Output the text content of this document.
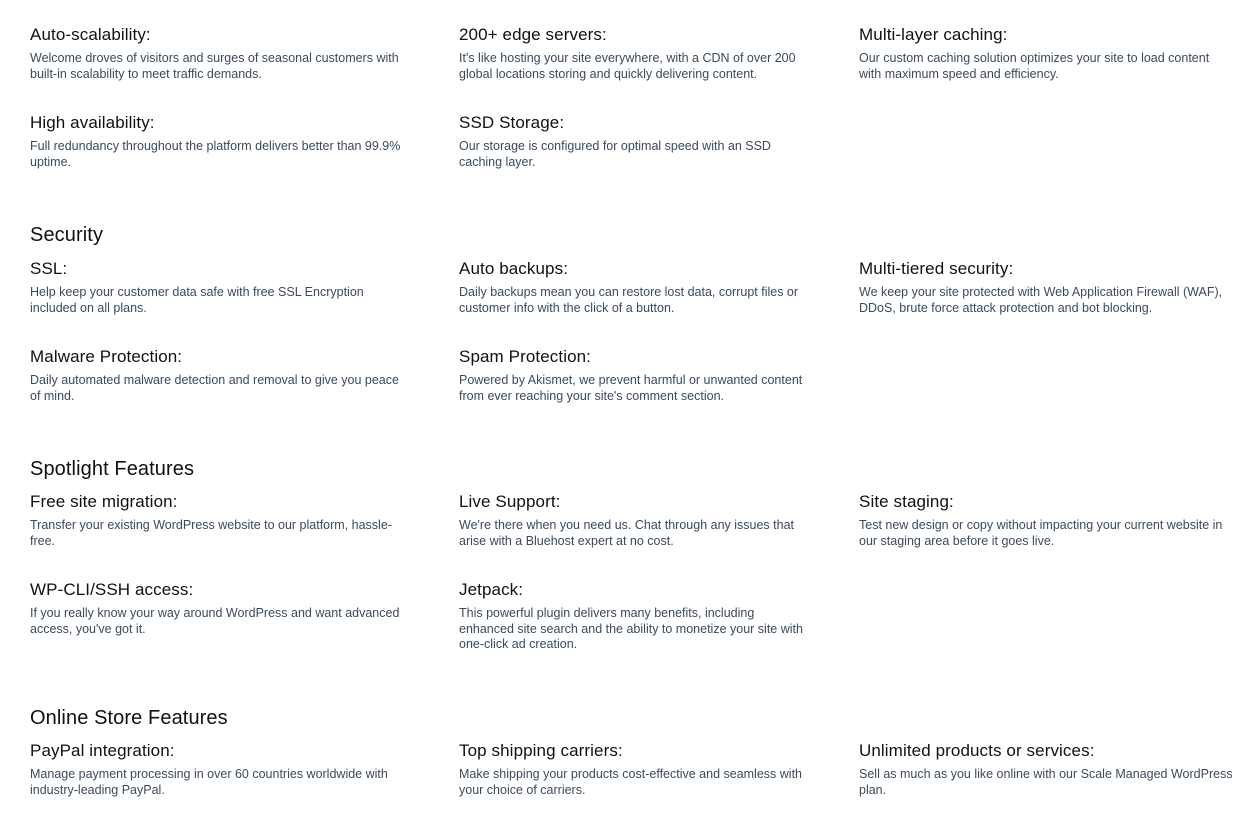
Auto-scalability:

Welcome droves of visitors and surges of seasonal customers with built-in scalability to meet traffic demands.

200+ edge servers:

It's like hosting your site everywhere, with a CDN of over 200 global locations storing and quickly delivering content.

Multi-layer caching:

Our custom caching solution optimizes your site to load content with maximum speed and efficiency.

High availability:

Full redundancy throughout the platform delivers better than 99.9% uptime.

SSD Storage:

Our storage is configured for optimal speed with an SSD caching layer.

Security
SSL:

Help keep your customer data safe with free SSL Encryption included on all plans.

Auto backups:

Daily backups mean you can restore lost data, corrupt files or customer info with the click of a button.

Multi-tiered security:

We keep your site protected with Web Application Firewall (WAF), DDoS, brute force attack protection and bot blocking.

Malware Protection:

Daily automated malware detection and removal to give you peace of mind.

Spam Protection:

Powered by Akismet, we prevent harmful or unwanted content from ever reaching your site's comment section.

Spotlight Features
Free site migration:

Transfer your existing WordPress website to our platform, hassle-free.

Live Support:

We're there when you need us. Chat through any issues that arise with a Bluehost expert at no cost.

Site staging:

Test new design or copy without impacting your current website in our staging area before it goes live.

WP-CLI/SSH access:

If you really know your way around WordPress and want advanced access, you've got it.

Jetpack:

This powerful plugin delivers many benefits, including enhanced site search and the ability to monetize your site with one-click ad creation.

Online Store Features
PayPal integration:

Manage payment processing in over 60 countries worldwide with industry-leading PayPal.

Top shipping carriers:

Make shipping your products cost-effective and seamless with your choice of carriers.

Unlimited products or services:

Sell as much as you like online with our Scale Managed WordPress plan.
